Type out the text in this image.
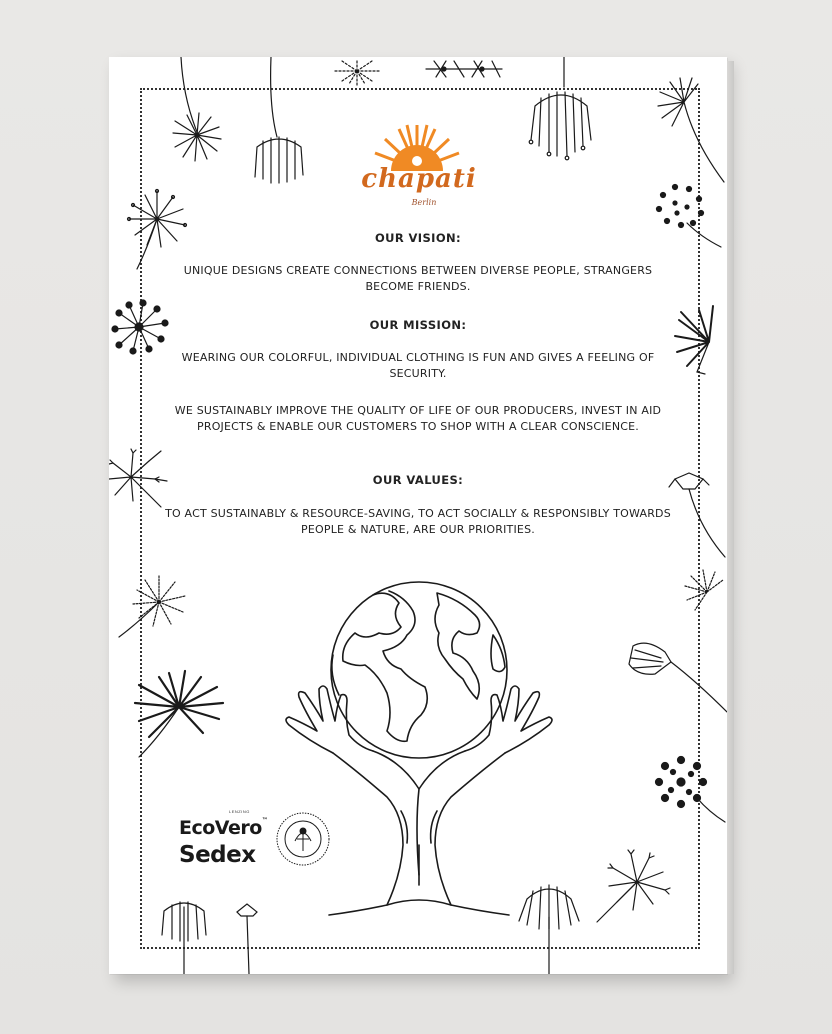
chapati
Berlin
OUR VISION:
UNIQUE DESIGNS CREATE CONNECTIONS BETWEEN DIVERSE PEOPLE, STRANGERS BECOME FRIENDS.
OUR MISSION:
WEARING OUR COLORFUL, INDIVIDUAL CLOTHING IS FUN AND GIVES A FEELING OF SECURITY.
WE SUSTAINABLY IMPROVE THE QUALITY OF LIFE OF OUR PRODUCERS, INVEST IN AID PROJECTS & ENABLE OUR CUSTOMERS TO SHOP WITH A CLEAR CONSCIENCE.
OUR VALUES:
TO ACT SUSTAINABLY & RESOURCE-SAVING, TO ACT SOCIALLY & RESPONSIBLY TOWARDS PEOPLE & NATURE, ARE OUR PRIORITIES.
LENZING
EcoVero™
Sedex
